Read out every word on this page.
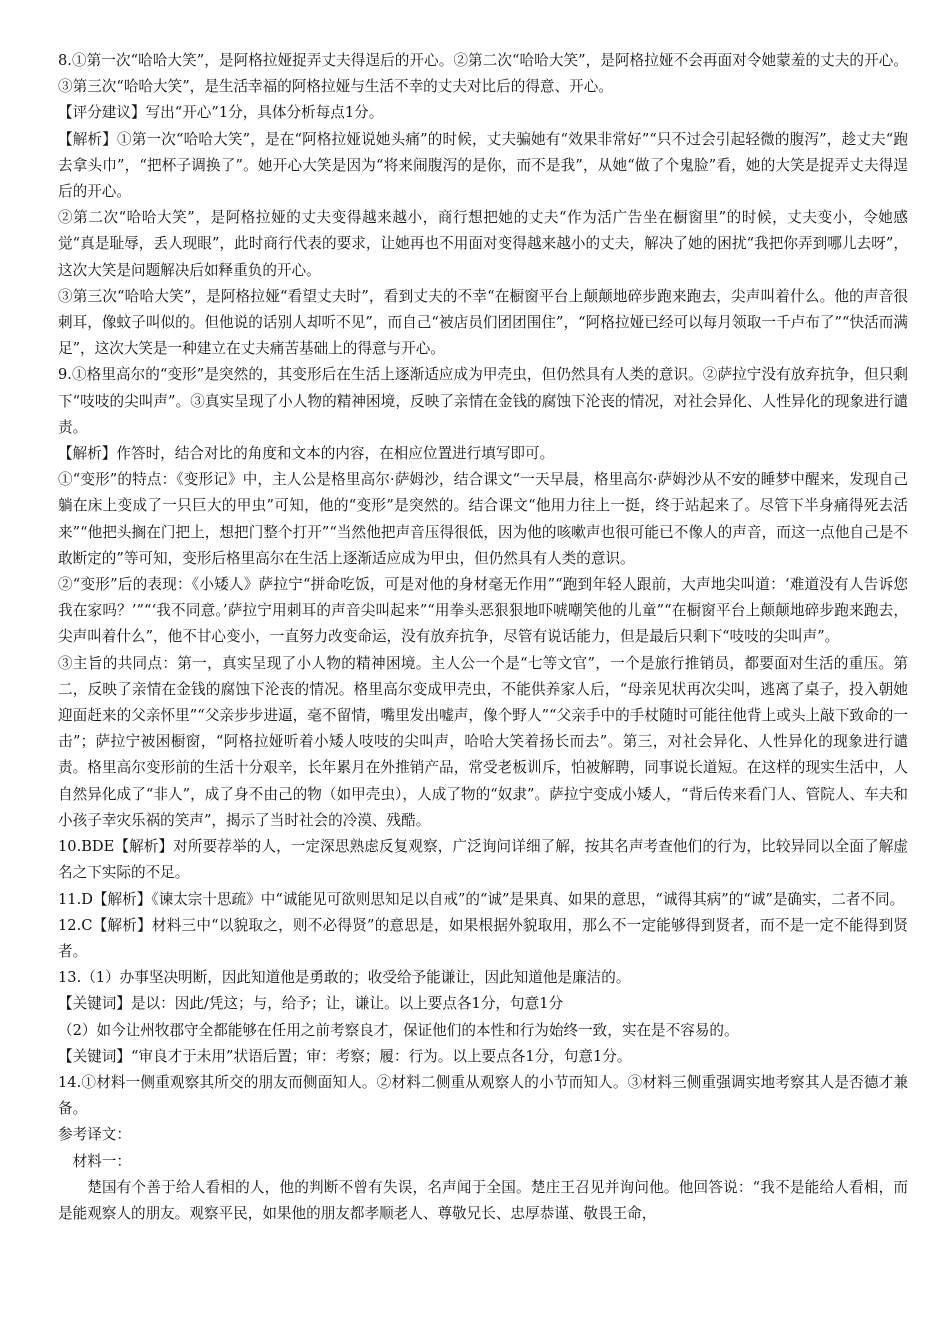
8.①第一次“哈哈大笑”，是阿格拉娅捉弄丈夫得逞后的开心。②第二次“哈哈大笑”，是阿格拉娅不会再面对令她蒙羞的丈夫的开心。③第三次“哈哈大笑”，是生活幸福的阿格拉娅与生活不幸的丈夫对比后的得意、开心。

【评分建议】写出“开心”1分，具体分析每点1分。

【解析】①第一次“哈哈大笑”，是在“阿格拉娅说她头痛”的时候，丈夫骗她有“效果非常好”“只不过会引起轻微的腹泻”，趁丈夫“跑去拿头巾”，“把杯子调换了”。她开心大笑是因为“将来闹腹泻的是你，而不是我”，从她“做了个鬼脸”看，她的大笑是捉弄丈夫得逞后的开心。

②第二次“哈哈大笑”，是阿格拉娅的丈夫变得越来越小，商行想把她的丈夫“作为活广告坐在橱窗里”的时候，丈夫变小，令她感觉“真是耻辱，丢人现眼”，此时商行代表的要求，让她再也不用面对变得越来越小的丈夫，解决了她的困扰“我把你弄到哪儿去呀”，这次大笑是问题解决后如释重负的开心。

③第三次“哈哈大笑”，是阿格拉娅“看望丈夫时”，看到丈夫的不幸“在橱窗平台上颠颠地碎步跑来跑去，尖声叫着什么。他的声音很刺耳，像蚊子叫似的。但他说的话别人却听不见”，而自己“被店员们团团围住”，“阿格拉娅已经可以每月领取一千卢布了”“快活而满足”，这次大笑是一种建立在丈夫痛苦基础上的得意与开心。

9.①格里高尔的“变形”是突然的，其变形后在生活上逐渐适应成为甲壳虫，但仍然具有人类的意识。②萨拉宁没有放弃抗争，但只剩下“吱吱的尖叫声”。③真实呈现了小人物的精神困境，反映了亲情在金钱的腐蚀下沦丧的情况，对社会异化、人性异化的现象进行谴责。

【解析】作答时，结合对比的角度和文本的内容，在相应位置进行填写即可。

①“变形”的特点：《变形记》中，主人公是格里高尔·萨姆沙，结合课文“一天早晨，格里高尔·萨姆沙从不安的睡梦中醒来，发现自己躺在床上变成了一只巨大的甲虫”可知，他的“变形”是突然的。结合课文“他用力往上一挺，终于站起来了。尽管下半身痛得死去活来”“他把头搁在门把上，想把门整个打开”“当然他把声音压得很低，因为他的咳嗽声也很可能已不像人的声音，而这一点他自己是不敢断定的”等可知，变形后格里高尔在生活上逐渐适应成为甲虫，但仍然具有人类的意识。

②“变形”后的表现：《小矮人》萨拉宁“拼命吃饭，可是对他的身材毫无作用”“跑到年轻人跟前，大声地尖叫道：‘难道没有人告诉您我在家吗？’”“‘我不同意。’萨拉宁用刺耳的声音尖叫起来”“用拳头恶狠狠地吓唬嘲笑他的儿童”“在橱窗平台上颠颠地碎步跑来跑去，尖声叫着什么”，他不甘心变小，一直努力改变命运，没有放弃抗争，尽管有说话能力，但是最后只剩下“吱吱的尖叫声”。

③主旨的共同点：第一，真实呈现了小人物的精神困境。主人公一个是“七等文官”，一个是旅行推销员，都要面对生活的重压。第二，反映了亲情在金钱的腐蚀下沦丧的情况。格里高尔变成甲壳虫，不能供养家人后，“母亲见状再次尖叫，逃离了桌子，投入朝她迎面赶来的父亲怀里”“父亲步步进逼，毫不留情，嘴里发出嘘声，像个野人”“父亲手中的手杖随时可能往他背上或头上敲下致命的一击”；萨拉宁被困橱窗，“阿格拉娅听着小矮人吱吱的尖叫声，哈哈大笑着扬长而去”。第三，对社会异化、人性异化的现象进行谴责。格里高尔变形前的生活十分艰辛，长年累月在外推销产品，常受老板训斥，怕被解聘，同事说长道短。在这样的现实生活中，人自然异化成了“非人”，成了身不由己的物（如甲壳虫），人成了物的“奴隶”。萨拉宁变成小矮人，“背后传来看门人、管院人、车夫和小孩子幸灾乐祸的笑声”，揭示了当时社会的冷漠、残酷。

10.BDE【解析】对所要荐举的人，一定深思熟虑反复观察，广泛询问详细了解，按其名声考查他们的行为，比较异同以全面了解虚名之下实际的不足。

11.D【解析】《谏太宗十思疏》中“诚能见可欲则思知足以自戒”的“诚”是果真、如果的意思，“诚得其病”的“诚”是确实，二者不同。

12.C【解析】材料三中“以貌取之，则不必得贤”的意思是，如果根据外貌取用，那么不一定能够得到贤者，而不是一定不能得到贤者。

13.（1）办事坚决明断，因此知道他是勇敢的；收受给予能谦让，因此知道他是廉洁的。

【关键词】是以：因此/凭这；与，给予；让，谦让。以上要点各1分，句意1分

（2）如今让州牧郡守全都能够在任用之前考察良才，保证他们的本性和行为始终一致，实在是不容易的。

【关键词】“审良才于未用”状语后置；审：考察；履：行为。以上要点各1分，句意1分。

14.①材料一侧重观察其所交的朋友而侧面知人。②材料二侧重从观察人的小节而知人。③材料三侧重强调实地考察其人是否德才兼备。

参考译文：

材料一：

楚国有个善于给人看相的人，他的判断不曾有失误，名声闻于全国。楚庄王召见并询问他。他回答说：“我不是能给人看相，而是能观察人的朋友。观察平民，如果他的朋友都孝顺老人、尊敬兄长、忠厚恭谨、敬畏王命，
